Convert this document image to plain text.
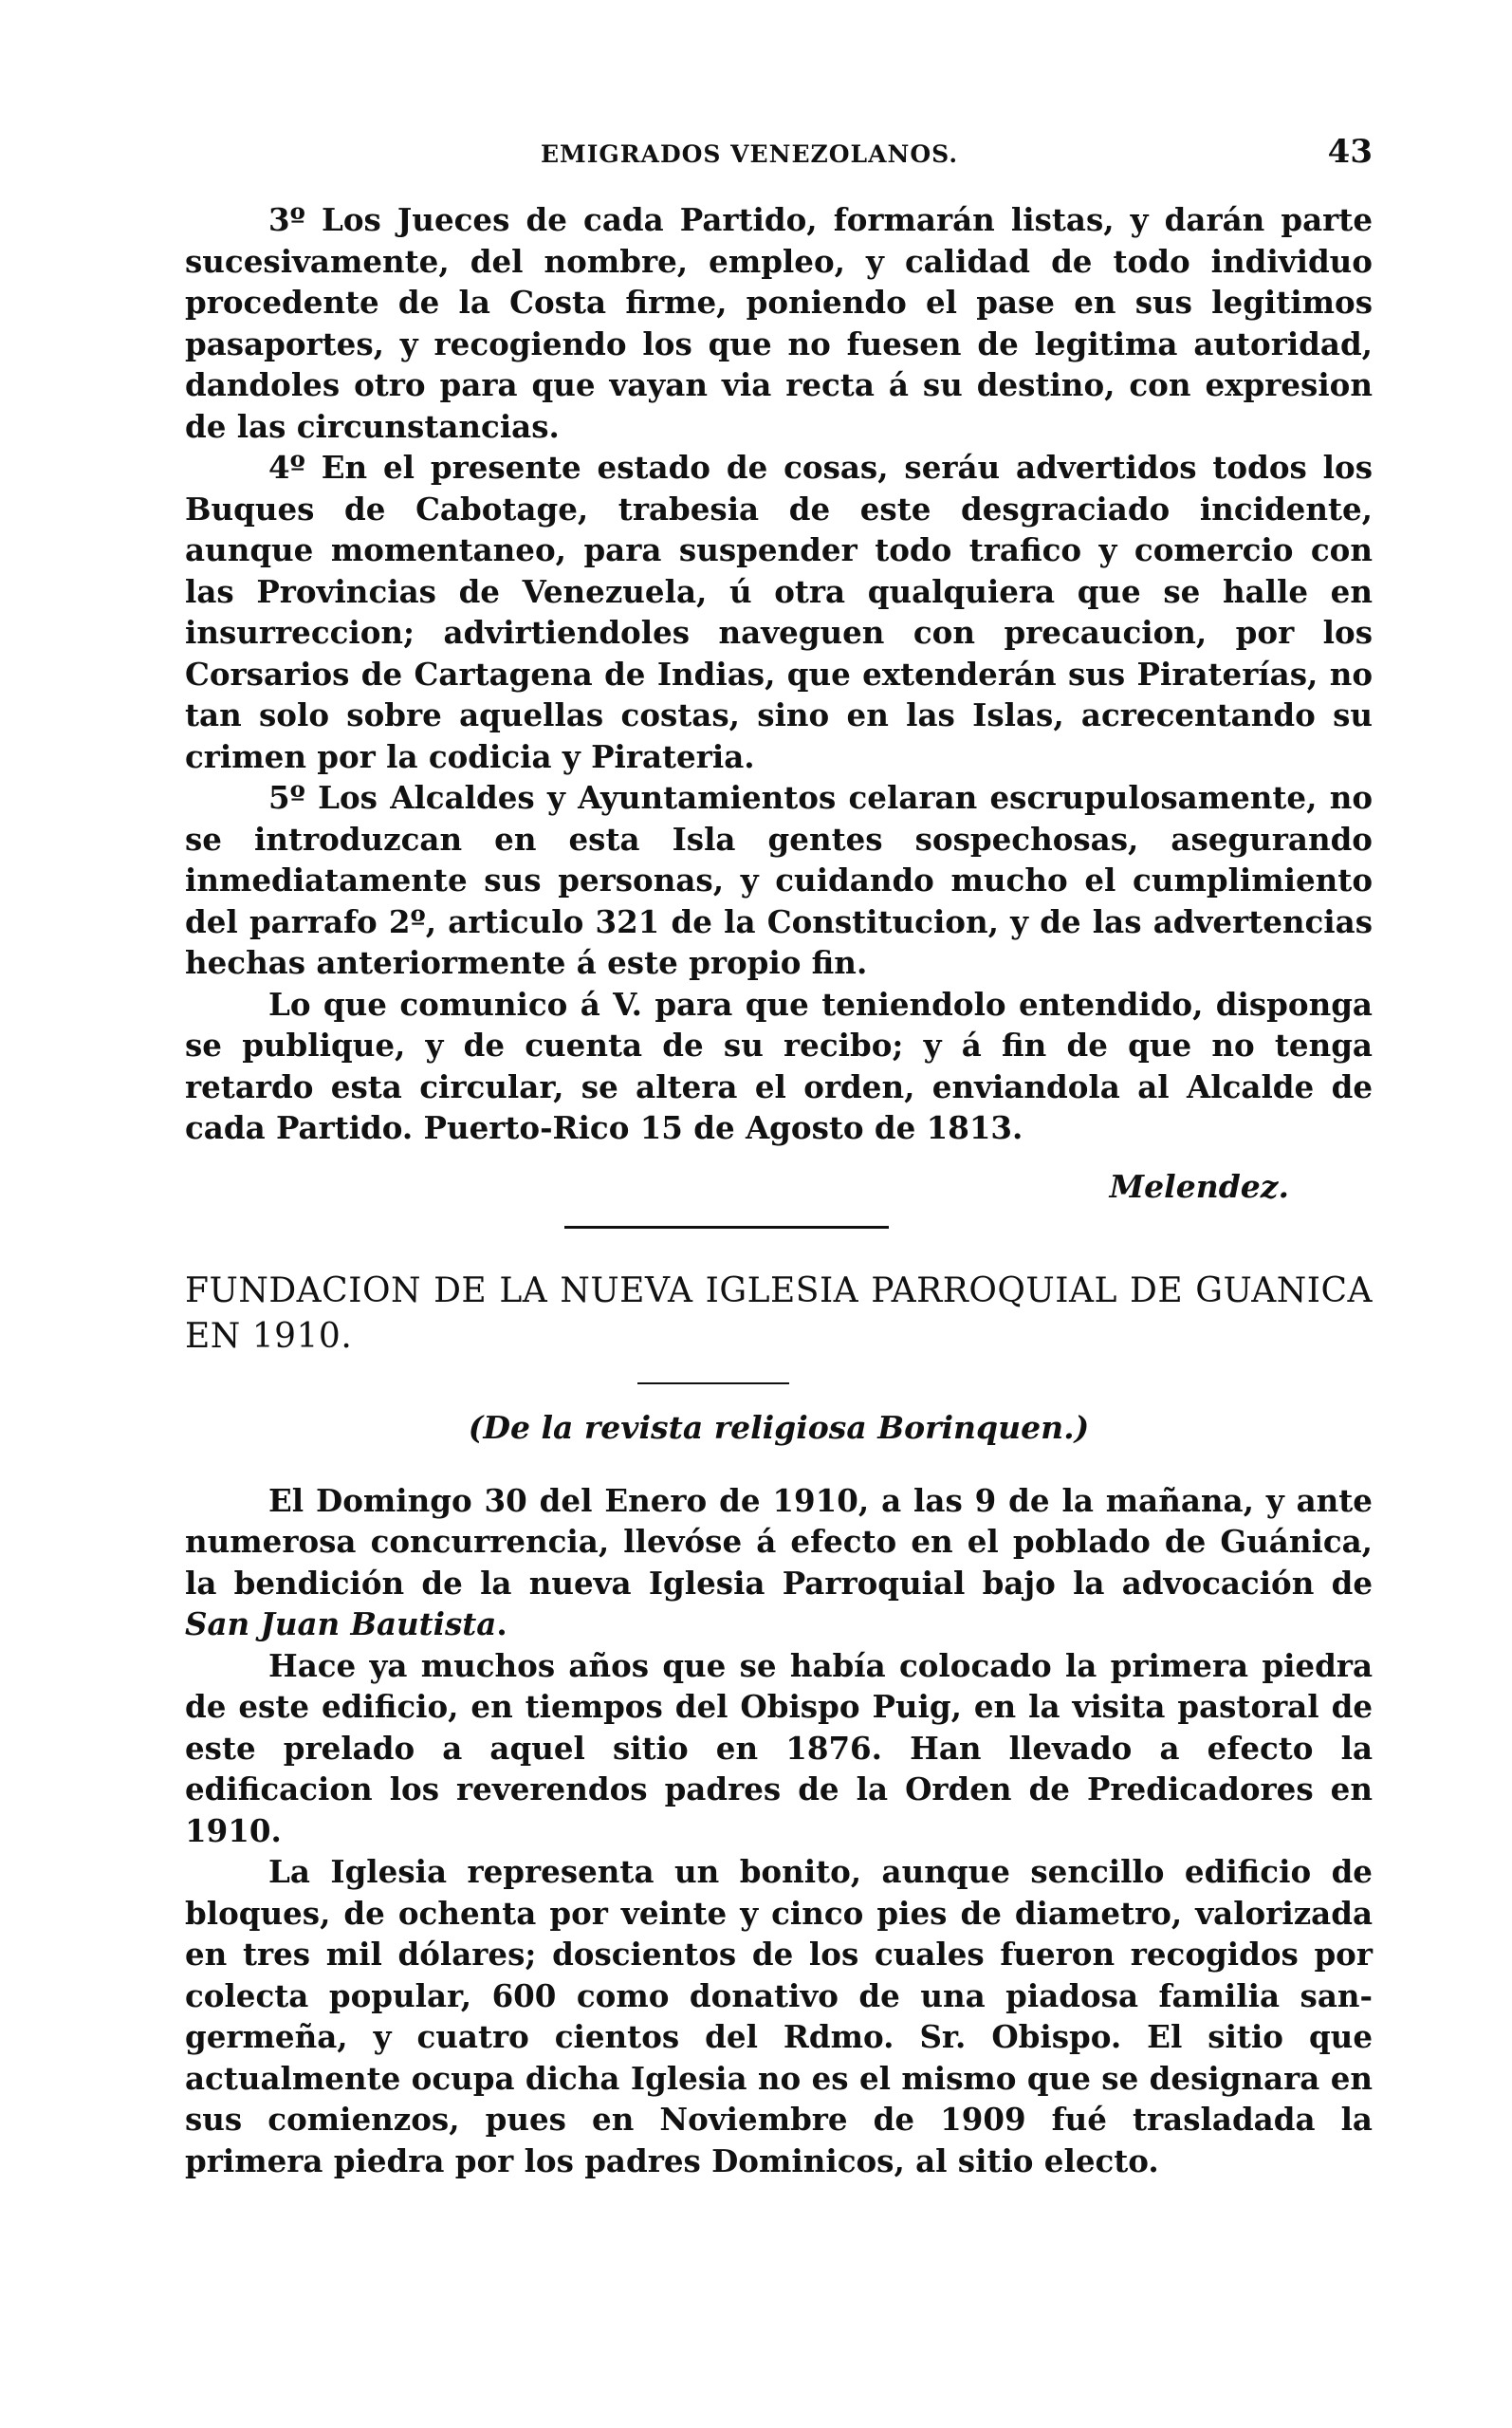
EMIGRADOS VENEZOLANOS.	43

3º Los Jueces de cada Partido, formarán listas, y darán parte sucesivamente, del nombre, empleo, y calidad de todo individuo procedente de la Costa firme, poniendo el pase en sus legitimos pasaportes, y recogiendo los que no fuesen de legitima autoridad, dandoles otro para que vayan via recta á su destino, con expresion de las circunstancias.

4º En el presente estado de cosas, seráu advertidos todos los Buques de Cabotage, trabesia de este desgraciado incidente, aunque momentaneo, para suspender todo trafico y comercio con las Provincias de Venezuela, ú otra qualquiera que se halle en insurreccion; advirtiendoles naveguen con precaucion, por los Corsarios de Cartagena de Indias, que extenderán sus Piraterías, no tan solo sobre aquellas costas, sino en las Islas, acrecentando su crimen por la codicia y Pirateria.

5º Los Alcaldes y Ayuntamientos celaran escrupulosamente, no se introduzcan en esta Isla gentes sospechosas, asegurando inmediatamente sus personas, y cuidando mucho el cumplimiento del parrafo 2º, articulo 321 de la Constitucion, y de las advertencias hechas anteriormente á este propio fin.

Lo que comunico á V. para que teniendolo entendido, disponga se publique, y de cuenta de su recibo; y á fin de que no tenga retardo esta circular, se altera el orden, enviandola al Alcalde de cada Partido. Puerto-Rico 15 de Agosto de 1813.

Melendez.
FUNDACION DE LA NUEVA IGLESIA PARROQUIAL DE GUANICA EN 1910.
(De la revista religiosa Borinquen.)

El Domingo 30 del Enero de 1910, a las 9 de la mañana, y ante numerosa concurrencia, llevóse á efecto en el poblado de Guánica, la bendición de la nueva Iglesia Parroquial bajo la advocación de San Juan Bautista.

Hace ya muchos años que se había colocado la primera piedra de este edificio, en tiempos del Obispo Puig, en la visita pastoral de este prelado a aquel sitio en 1876. Han llevado a efecto la edificacion los reverendos padres de la Orden de Predicadores en 1910.

La Iglesia representa un bonito, aunque sencillo edificio de bloques, de ochenta por veinte y cinco pies de diametro, valorizada en tres mil dólares; doscientos de los cuales fueron recogidos por colecta popular, 600 como donativo de una piadosa familia san-germeña, y cuatro cientos del Rdmo. Sr. Obispo. El sitio que actualmente ocupa dicha Iglesia no es el mismo que se designara en sus comienzos, pues en Noviembre de 1909 fué trasladada la primera piedra por los padres Dominicos, al sitio electo.
